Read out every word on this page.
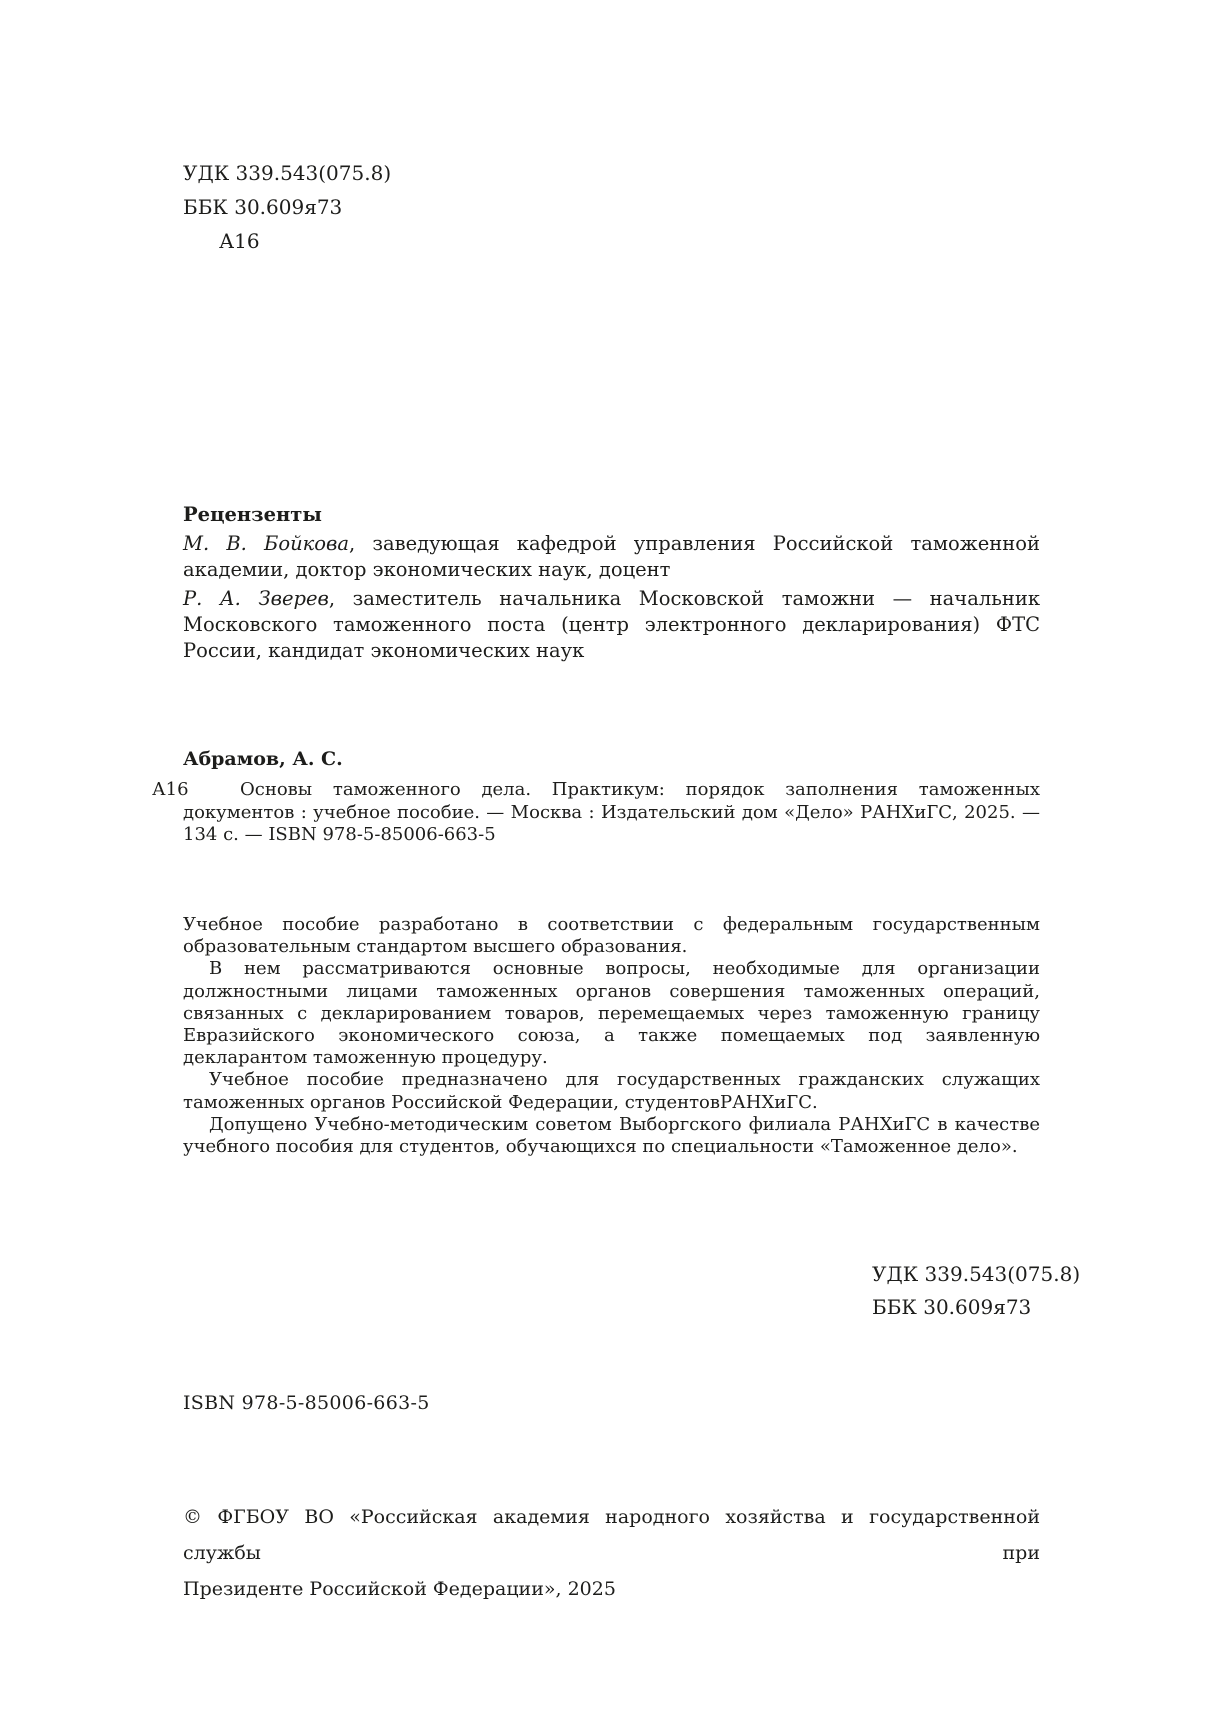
УДК 339.543(075.8)
ББК 30.609я73
А16
Рецензенты

М. В. Бойкова, заведующая кафедрой управления Российской таможенной академии, доктор экономических наук, доцент

Р. А. Зверев, заместитель начальника Московской таможни — начальник Московского таможенного поста (центр электронного декларирования) ФТС России, кандидат экономических наук

Абрамов, А. С.
А16	Основы таможенного дела. Практикум: порядок заполнения таможенных документов : учебное пособие. — Москва : Издательский дом «Дело» РАНХиГС, 2025. — 134 с. — ISBN 978-5-85006-663-5

Учебное пособие разработано в соответствии с федеральным государственным образовательным стандартом высшего образования.

В нем рассматриваются основные вопросы, необходимые для организации должностными лицами таможенных органов совершения таможенных операций, связанных с декларированием товаров, перемещаемых через таможенную границу Евразийского экономического союза, а также помещаемых под заявленную декларантом таможенную процедуру.

Учебное пособие предназначено для государственных гражданских служащих таможенных органов Российской Федерации, студентовРАНХиГС.

Допущено Учебно-методическим советом Выборгского филиала РАНХиГС в качестве учебного пособия для студентов, обучающихся по специальности «Таможенное дело».

УДК 339.543(075.8)
ББК 30.609я73
ISBN 978-5-85006-663-5
© ФГБОУ ВО «Российская академия народного хозяйства и государственной службы при
Президенте Российской Федерации», 2025
